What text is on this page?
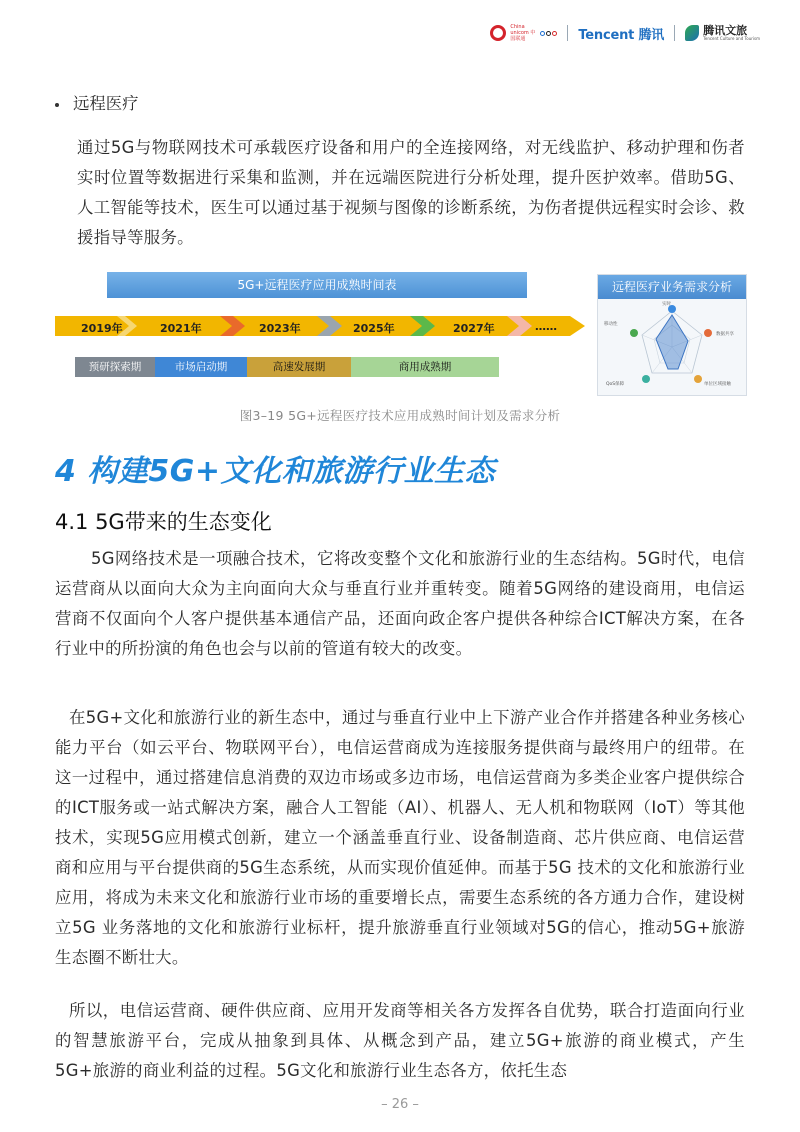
China unicom 中国联通	Tencent 腾讯	腾讯文旅
Tencent Culture and Tourism
远程医疗
通过5G与物联网技术可承载医疗设备和用户的全连接网络，对无线监护、移动护理和伤者实时位置等数据进行采集和监测，并在远端医院进行分析处理，提升医护效率。借助5G、人工智能等技术，医生可以通过基于视频与图像的诊断系统，为伤者提供远程实时会诊、救援指导等服务。
5G+远程医疗应用成熟时间表
2019年	2021年	2023年	2025年	2027年	……
预研探索期	市场启动期	高速发展期	商用成熟期
远程医疗业务需求分析
实时
数据共享
单位区域接触
QoS保障
移动性
图3–19 5G+远程医疗技术应用成熟时间计划及需求分析
4 构建5G+文化和旅游行业生态
4.1 5G带来的生态变化
5G网络技术是一项融合技术，它将改变整个文化和旅游行业的生态结构。5G时代，电信运营商从以面向大众为主向面向大众与垂直行业并重转变。随着5G网络的建设商用，电信运营商不仅面向个人客户提供基本通信产品，还面向政企客户提供各种综合ICT解决方案，在各行业中的所扮演的角色也会与以前的管道有较大的改变。
在5G+文化和旅游行业的新生态中，通过与垂直行业中上下游产业合作并搭建各种业务核心能力平台（如云平台、物联网平台），电信运营商成为连接服务提供商与最终用户的纽带。在这一过程中，通过搭建信息消费的双边市场或多边市场，电信运营商为多类企业客户提供综合的ICT服务或一站式解决方案，融合人工智能（AI）、机器人、无人机和物联网（IoT）等其他技术，实现5G应用模式创新，建立一个涵盖垂直行业、设备制造商、芯片供应商、电信运营商和应用与平台提供商的5G生态系统，从而实现价值延伸。而基于5G 技术的文化和旅游行业应用，将成为未来文化和旅游行业市场的重要增长点，需要生态系统的各方通力合作，建设树立5G 业务落地的文化和旅游行业标杆，提升旅游垂直行业领域对5G的信心，推动5G+旅游生态圈不断壮大。
所以，电信运营商、硬件供应商、应用开发商等相关各方发挥各自优势，联合打造面向行业的智慧旅游平台，完成从抽象到具体、从概念到产品，建立5G+旅游的商业模式，产生5G+旅游的商业利益的过程。5G文化和旅游行业生态各方，依托生态
– 26 –
